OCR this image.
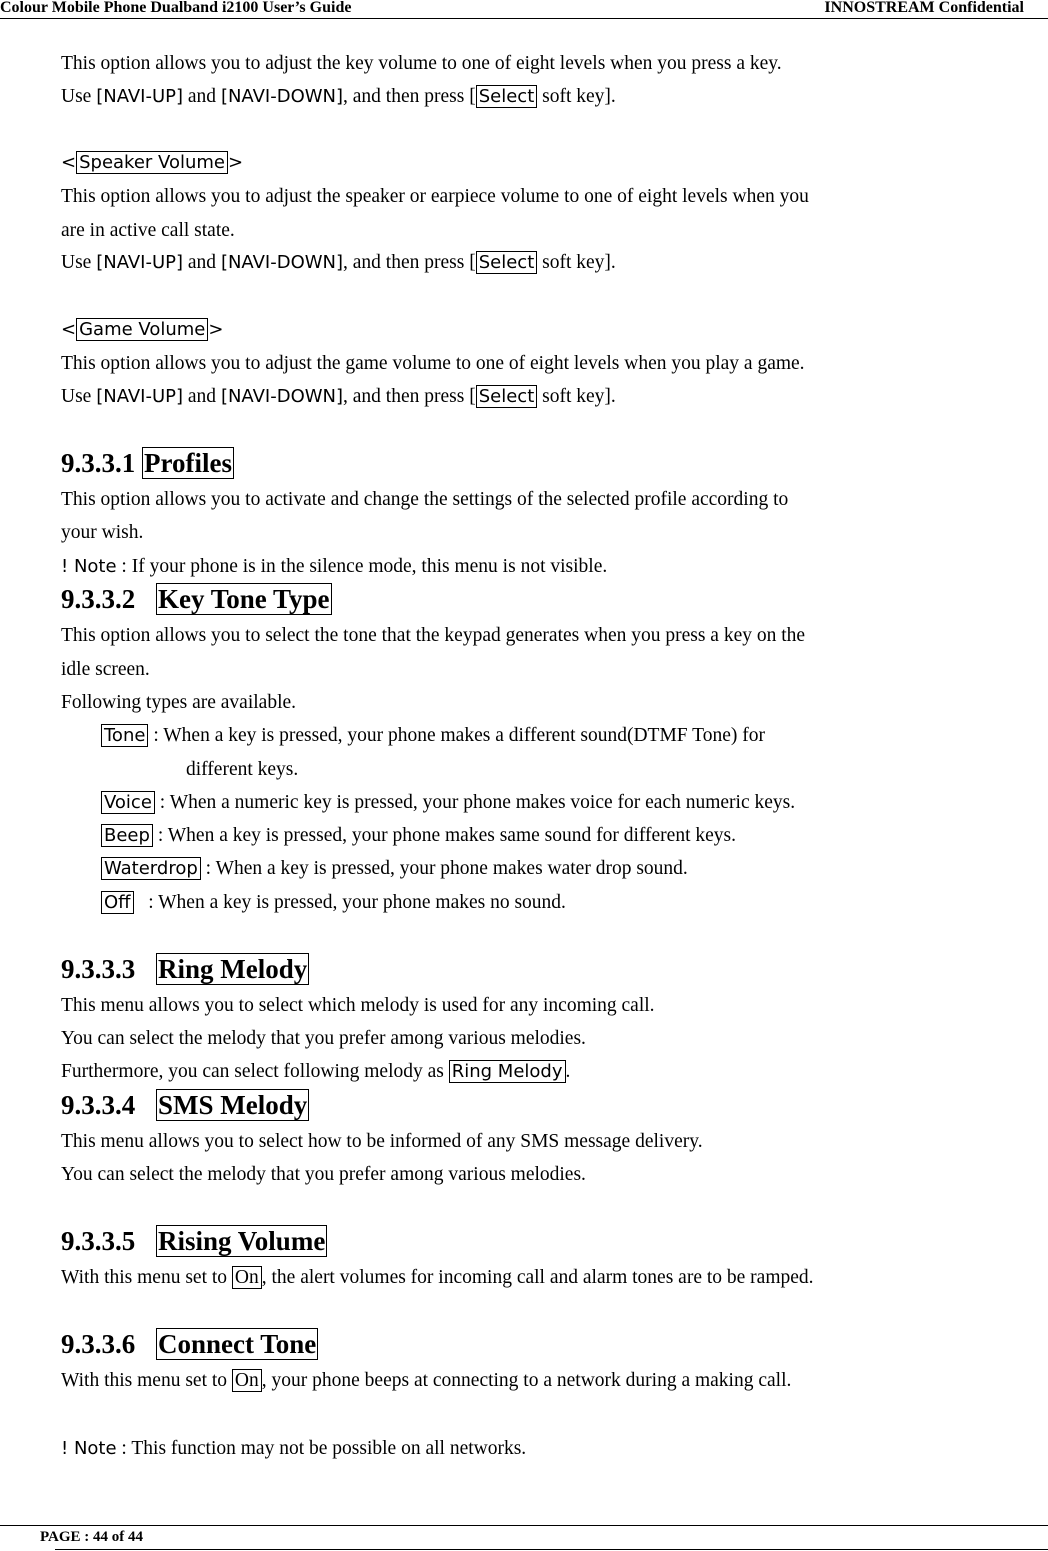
Colour Mobile Phone Dualband i2100 User’s Guide	INNOSTREAM Confidential
This option allows you to adjust the key volume to one of eight levels when you press a key.
Use [NAVI-UP] and [NAVI-DOWN], and then press [ Select soft key].
< Speaker Volume >
This option allows you to adjust the speaker or earpiece volume to one of eight levels when you
are in active call state.
Use [NAVI-UP] and [NAVI-DOWN], and then press [ Select soft key].
< Game Volume >
This option allows you to adjust the game volume to one of eight levels when you play a game.
Use [NAVI-UP] and [NAVI-DOWN], and then press [ Select soft key].
9.3.3.1 Profiles
This option allows you to activate and change the settings of the selected profile according to
your wish.
! Note : If your phone is in the silence mode, this menu is not visible.
9.3.3.2 Key Tone Type
This option allows you to select the tone that the keypad generates when you press a key on the
idle screen.
Following types are available.
Tone : When a key is pressed, your phone makes a different sound(DTMF Tone) for
different keys.
Voice : When a numeric key is pressed, your phone makes voice for each numeric keys.
Beep : When a key is pressed, your phone makes same sound for different keys.
Waterdrop : When a key is pressed, your phone makes water drop sound.
Off   : When a key is pressed, your phone makes no sound.
9.3.3.3 Ring Melody
This menu allows you to select which melody is used for any incoming call.
You can select the melody that you prefer among various melodies.
Furthermore, you can select following melody as Ring Melody .
9.3.3.4 SMS Melody
This menu allows you to select how to be informed of any SMS message delivery.
You can select the melody that you prefer among various melodies.
9.3.3.5 Rising Volume
With this menu set to On , the alert volumes for incoming call and alarm tones are to be ramped.
9.3.3.6 Connect Tone
With this menu set to On , your phone beeps at connecting to a network during a making call.
! Note : This function may not be possible on all networks.
PAGE : 44 of 44
